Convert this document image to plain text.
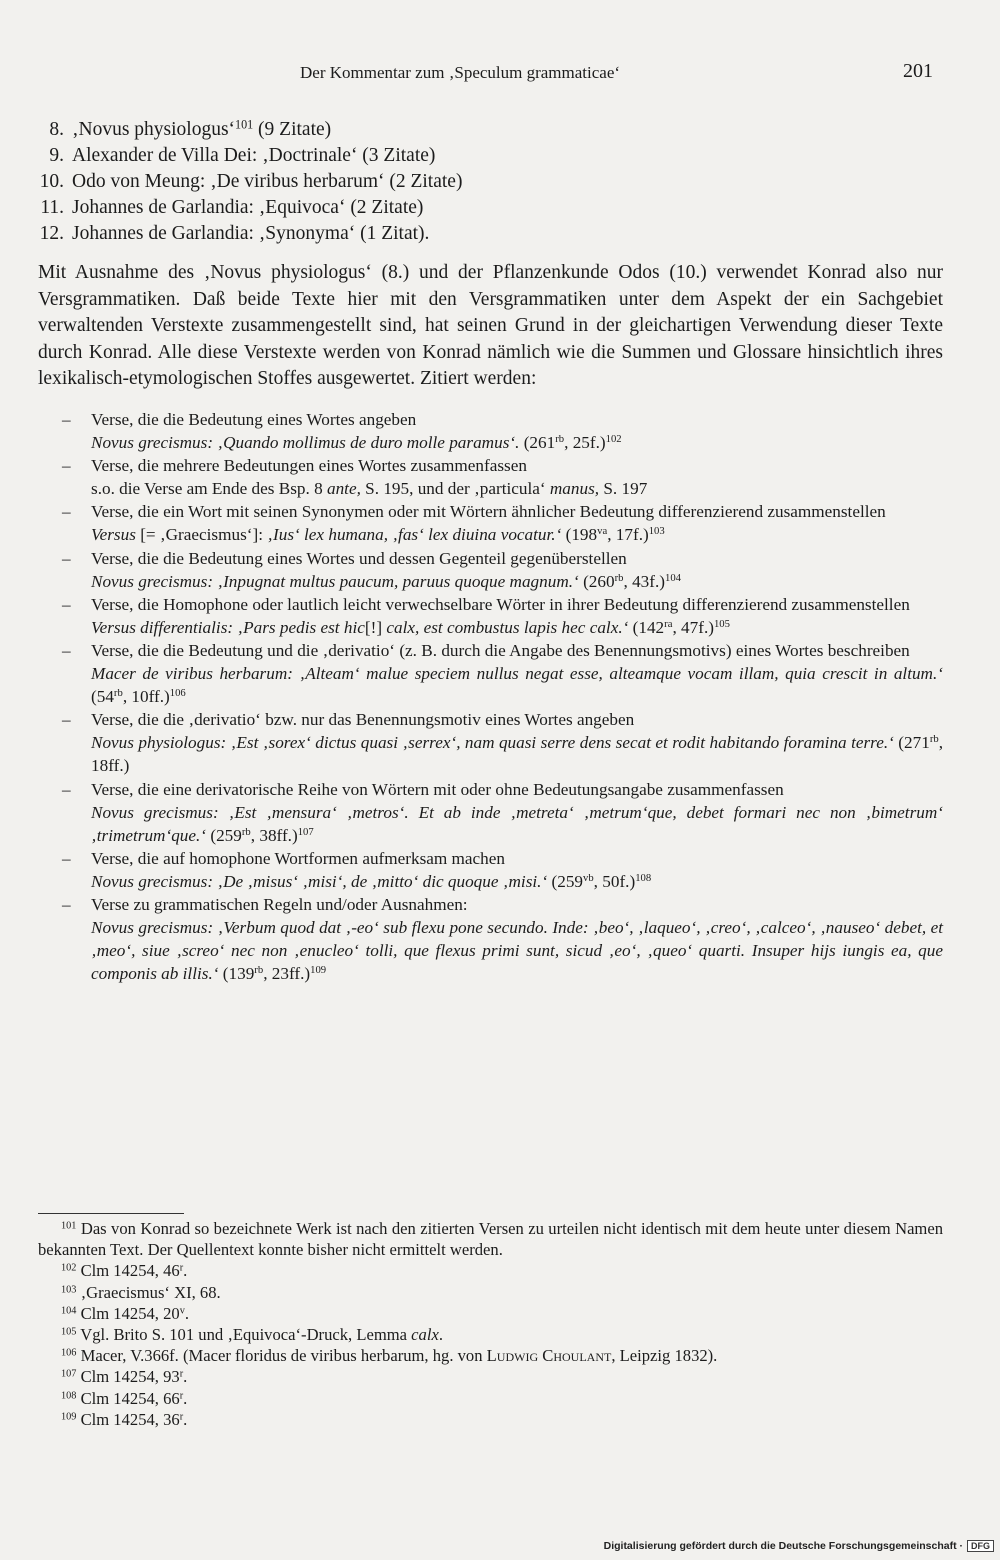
Der Kommentar zum ‚Speculum grammaticae‘	201
8. ‚Novus physiologus‘$^{101}$ (9 Zitate)
9. Alexander de Villa Dei: ‚Doctrinale‘ (3 Zitate)
10. Odo von Meung: ‚De viribus herbarum‘ (2 Zitate)
11. Johannes de Garlandia: ‚Equivoca‘ (2 Zitate)
12. Johannes de Garlandia: ‚Synonyma‘ (1 Zitat).

Mit Ausnahme des ‚Novus physiologus‘ (8.) und der Pflanzenkunde Odos (10.) verwendet Konrad also nur Versgrammatiken. Daß beide Texte hier mit den Versgrammatiken unter dem Aspekt der ein Sachgebiet verwaltenden Verstexte zusammengestellt sind, hat seinen Grund in der gleichartigen Verwendung dieser Texte durch Konrad. Alle diese Verstexte werden von Konrad nämlich wie die Summen und Glossare hinsichtlich ihres lexikalisch-etymologischen Stoffes ausgewertet. Zitiert werden:

– Verse, die die Bedeutung eines Wortes angeben
Novus grecismus: ‚Quando mollimus de duro molle paramus‘. ($261^{rb}$, 25f.)$^{102}$
– Verse, die mehrere Bedeutungen eines Wortes zusammenfassen
s.o. die Verse am Ende des Bsp. 8 ante, S. 195, und der ‚particula‘ manus, S. 197
– Verse, die ein Wort mit seinen Synonymen oder mit Wörtern ähnlicher Bedeutung differenzierend zusammenstellen
Versus [= ‚Graecismus‘]: ‚Ius‘ lex humana, ‚fas‘ lex diuina vocatur.‘ ($198^{va}$, 17f.)$^{103}$
– Verse, die die Bedeutung eines Wortes und dessen Gegenteil gegenüberstellen
Novus grecismus: ‚Inpugnat multus paucum, paruus quoque magnum.‘ ($260^{rb}$, 43f.)$^{104}$
– Verse, die Homophone oder lautlich leicht verwechselbare Wörter in ihrer Bedeutung differenzierend zusammenstellen
Versus differentialis: ‚Pars pedis est hic[!] calx, est combustus lapis hec calx.‘ ($142^{ra}$, 47f.)$^{105}$
– Verse, die die Bedeutung und die ‚derivatio‘ (z. B. durch die Angabe des Benennungsmotivs) eines Wortes beschreiben
Macer de viribus herbarum: ‚Alteam‘ malue speciem nullus negat esse, alteamque vocam illam, quia crescit in altum.‘ ($54^{rb}$, 10ff.)$^{106}$
– Verse, die die ‚derivatio‘ bzw. nur das Benennungsmotiv eines Wortes angeben
Novus physiologus: ‚Est ‚sorex‘ dictus quasi ‚serrex‘, nam quasi serre dens secat et rodit habitando foramina terre.‘ ($271^{rb}$, 18ff.)
– Verse, die eine derivatorische Reihe von Wörtern mit oder ohne Bedeutungsangabe zusammenfassen
Novus grecismus: ‚Est ‚mensura‘ ‚metros‘. Et ab inde ‚metreta‘ ‚metrum‘que, debet formari nec non ‚bimetrum‘ ‚trimetrum‘que.‘ ($259^{rb}$, 38ff.)$^{107}$
– Verse, die auf homophone Wortformen aufmerksam machen
Novus grecismus: ‚De ‚misus‘ ‚misi‘, de ‚mitto‘ dic quoque ‚misi.‘ ($259^{vb}$, 50f.)$^{108}$
– Verse zu grammatischen Regeln und/oder Ausnahmen:
Novus grecismus: ‚Verbum quod dat ‚-eo‘ sub flexu pone secundo. Inde: ‚beo‘, ‚laqueo‘, ‚creo‘, ‚calceo‘, ‚nauseo‘ debet, et ‚meo‘, siue ‚screo‘ nec non ‚enucleo‘ tolli, que flexus primi sunt, sicud ‚eo‘, ‚queo‘ quarti. Insuper hijs iungis ea, que componis ab illis.‘ ($139^{rb}$, 23ff.)$^{109}$
$^{101}$ Das von Konrad so bezeichnete Werk ist nach den zitierten Versen zu urteilen nicht identisch mit dem heute unter diesem Namen bekannten Text. Der Quellentext konnte bisher nicht ermittelt werden.
$^{102}$ Clm 14254, 46$^r$.
$^{103}$ ‚Graecismus‘ XI, 68.
$^{104}$ Clm 14254, 20$^v$.
$^{105}$ Vgl. Brito S. 101 und ‚Equivoca‘-Druck, Lemma calx.
$^{106}$ Macer, V.366f. (Macer floridus de viribus herbarum, hg. von Ludwig Choulant, Leipzig 1832).
$^{107}$ Clm 14254, 93$^r$.
$^{108}$ Clm 14254, 66$^r$.
$^{109}$ Clm 14254, 36$^r$.
Digitalisierung gefördert durch die Deutsche Forschungsgemeinschaft · DFG
